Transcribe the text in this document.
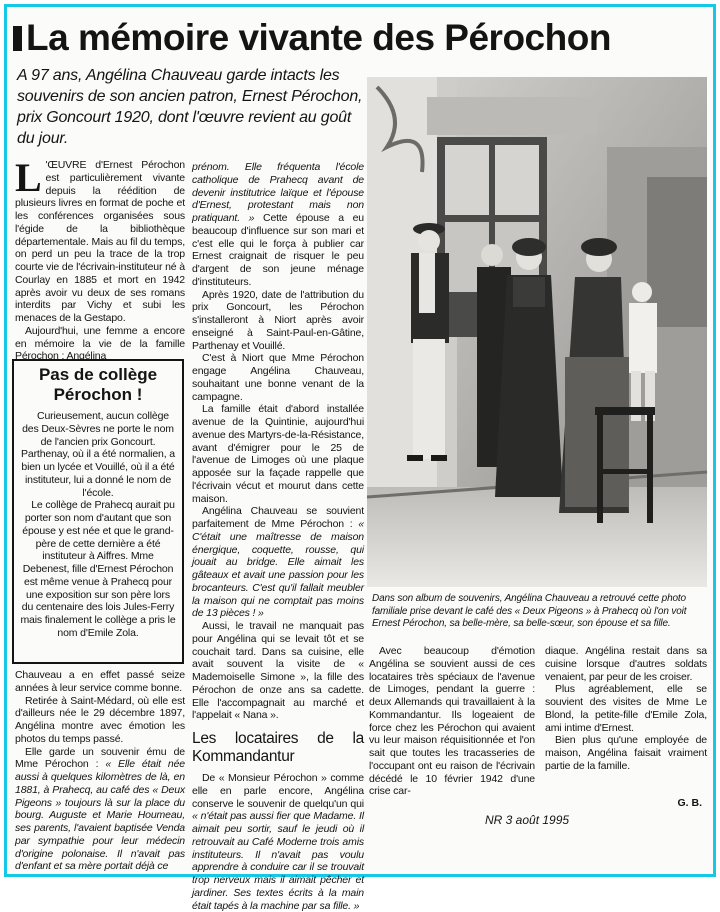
La mémoire vivante des Pérochon
A 97 ans, Angélina Chauveau garde intacts les souvenirs de son ancien patron, Ernest Pérochon, prix Goncourt 1920, dont l'œuvre revient au goût du jour.

L 'ŒUVRE d'Ernest Pérochon est particulièrement vivante depuis la réédition de plusieurs livres en format de poche et les conférences organisées sous l'égide de la bibliothèque départementale. Mais au fil du temps, on perd un peu la trace de la trop courte vie de l'écrivain-instituteur né à Courlay en 1885 et mort en 1942 après avoir vu deux de ses romans interdits par Vichy et subi les menaces de la Gestapo.

Aujourd'hui, une femme a encore en mémoire la vie de la famille Pérochon : Angélina

Pas de collège Pérochon !

Curieusement, aucun collège des Deux-Sèvres ne porte le nom de l'ancien prix Goncourt. Parthenay, où il a été normalien, a bien un lycée et Vouillé, où il a été instituteur, lui a donné le nom de l'école.

Le collège de Prahecq aurait pu porter son nom d'autant que son épouse y est née et que le grand-père de cette dernière a été instituteur à Aiffres. Mme Debenest, fille d'Ernest Pérochon est même venue à Prahecq pour une exposition sur son père lors du centenaire des lois Jules-Ferry mais finalement le collège a pris le nom d'Emile Zola.

Chauveau a en effet passé seize années à leur service comme bonne.

Retirée à Saint-Médard, où elle est d'ailleurs née le 29 décembre 1897, Angélina montre avec émotion les photos du temps passé.

Elle garde un souvenir ému de Mme Pérochon : « Elle était née aussi à quelques kilomètres de là, en 1881, à Prahecq, au café des « Deux Pigeons » toujours là sur la place du bourg. Auguste et Marie Houmeau, ses parents, l'avaient baptisée Venda par sympathie pour leur médecin d'origine polonaise. Il n'avait pas d'enfant et sa mère portait déjà ce

prénom. Elle fréquenta l'école catholique de Prahecq avant de devenir institutrice laïque et l'épouse d'Ernest, protestant mais non pratiquant. » Cette épouse a eu beaucoup d'influence sur son mari et c'est elle qui le força à publier car Ernest craignait de risquer le peu d'argent de son jeune ménage d'instituteurs.

Après 1920, date de l'attribution du prix Goncourt, les Pérochon s'installeront à Niort après avoir enseigné à Saint-Paul-en-Gâtine, Parthenay et Vouillé.

C'est à Niort que Mme Pérochon engage Angélina Chauveau, souhaitant une bonne venant de la campagne.

La famille était d'abord installée avenue de la Quintinie, aujourd'hui avenue des Martyrs-de-la-Résistance, avant d'émigrer pour le 25 de l'avenue de Limoges où une plaque apposée sur la façade rappelle que l'écrivain vécut et mourut dans cette maison.

Angélina Chauveau se souvient parfaitement de Mme Pérochon : « C'était une maîtresse de maison énergique, coquette, rousse, qui jouait au bridge. Elle aimait les gâteaux et avait une passion pour les brocanteurs. C'est qu'il fallait meubler la maison qui ne comptait pas moins de 13 pièces ! »

Aussi, le travail ne manquait pas pour Angélina qui se levait tôt et se couchait tard. Dans sa cuisine, elle avait souvent la visite de « Mademoiselle Simone », la fille des Pérochon de onze ans sa cadette. Elle l'accompagnait au marché et l'appelait « Nana ».

Les locataires de la Kommandantur

De « Monsieur Pérochon » comme elle en parle encore, Angélina conserve le souvenir de quelqu'un qui « n'était pas aussi fier que Madame. Il aimait peu sortir, sauf le jeudi où il retrouvait au Café Moderne trois amis instituteurs. Il n'avait pas voulu apprendre à conduire car il se trouvait trop nerveux mais il aimait pêcher et jardiner. Ses textes écrits à la main était tapés à la machine par sa fille. »

Dans son album de souvenirs, Angélina Chauveau a retrouvé cette photo familiale prise devant le café des « Deux Pigeons » à Prahecq où l'on voit Ernest Pérochon, sa belle-mère, sa belle-sœur, son épouse et sa fille.

Avec beaucoup d'émotion Angélina se souvient aussi de ces locataires très spéciaux de l'avenue de Limoges, pendant la guerre : deux Allemands qui travaillaient à la Kommandantur. Ils logeaient de force chez les Pérochon qui avaient vu leur maison réquisitionnée et l'on sait que toutes les tracasseries de l'occupant ont eu raison de l'écrivain décédé le 10 février 1942 d'une crise car-

diaque. Angélina restait dans sa cuisine lorsque d'autres soldats venaient, par peur de les croiser.

Plus agréablement, elle se souvient des visites de Mme Le Blond, la petite-fille d'Emile Zola, ami intime d'Ernest.

Bien plus qu'une employée de maison, Angélina faisait vraiment partie de la famille.

G. B.
NR 3 août 1995
